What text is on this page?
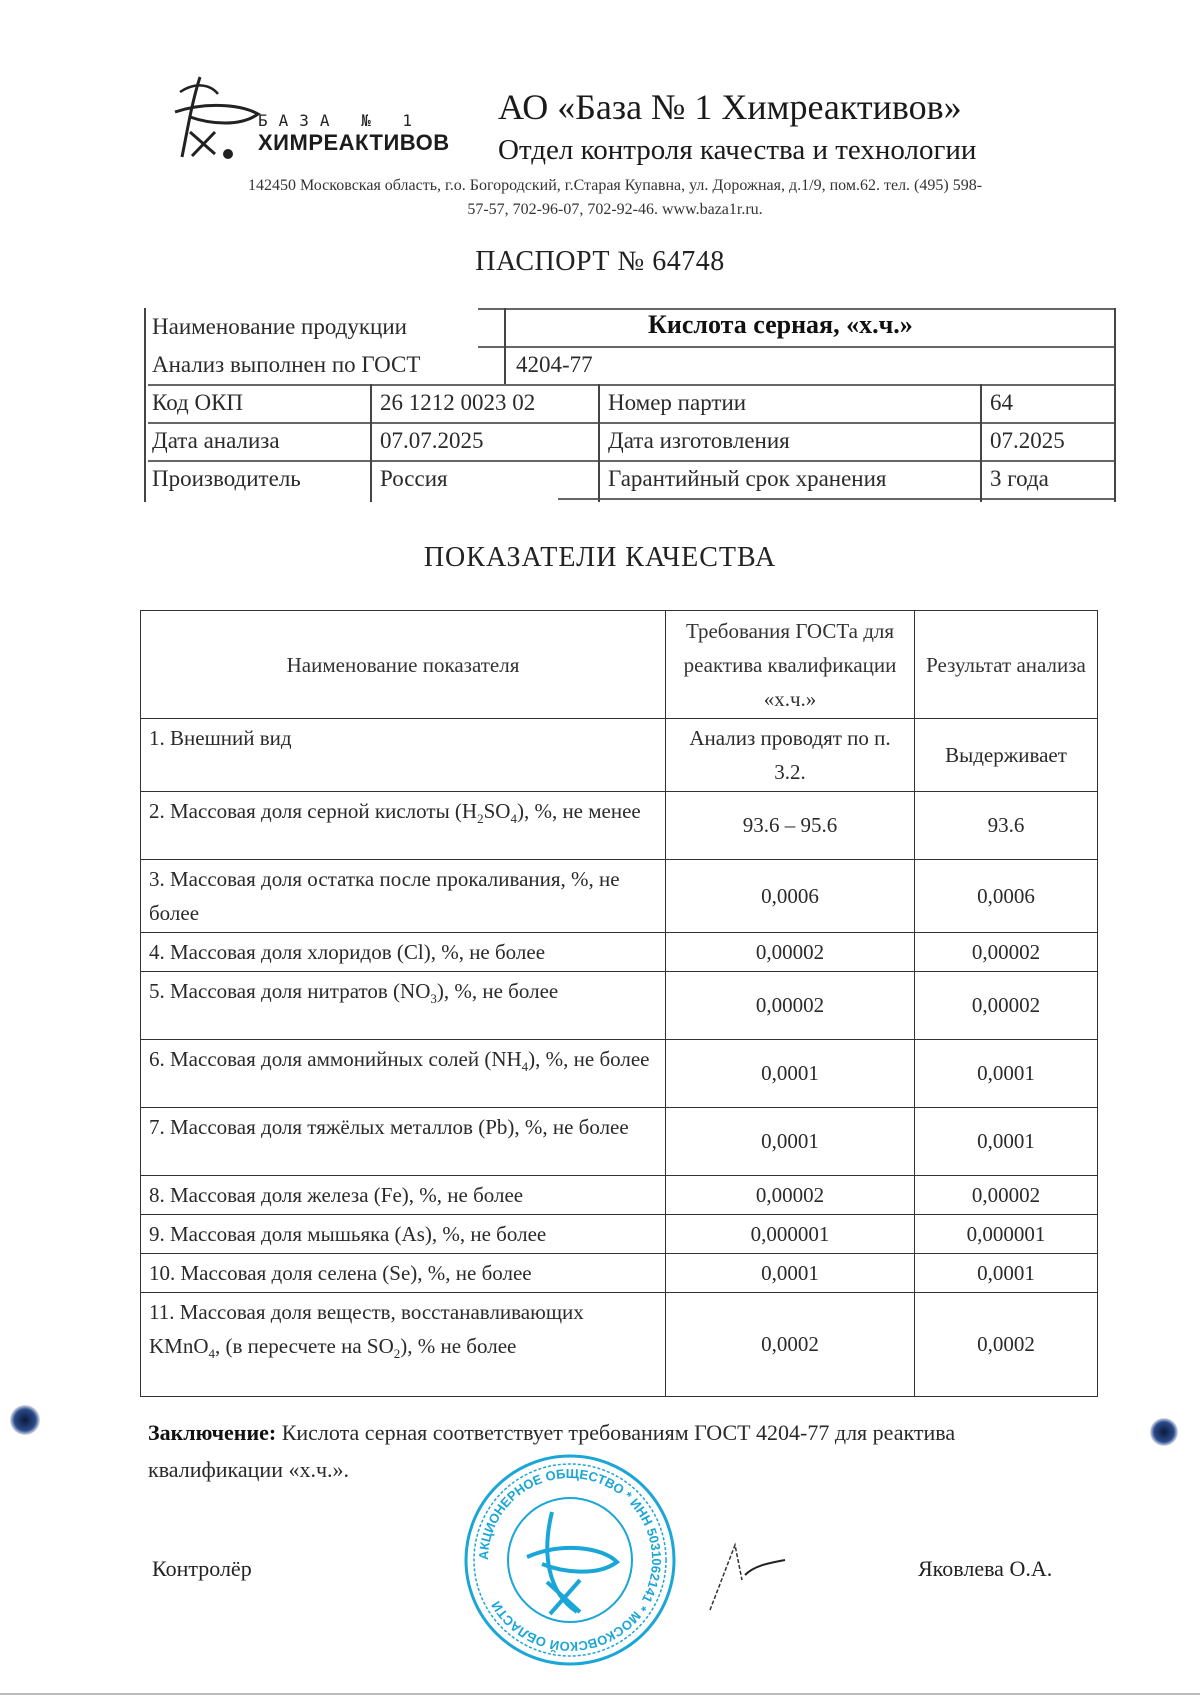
БАЗА № 1
ХИМРЕАКТИВОВ
АО «База № 1 Химреактивов»
Отдел контроля качества и технологии
142450 Московская область, г.о. Богородский, г.Старая Купавна, ул. Дорожная, д.1/9, пом.62. тел. (495) 598-
57-57, 702-96-07, 702-92-46. www.baza1r.ru.
ПАСПОРТ № 64748
Наименование продукции	Кислота серная, «х.ч.»
Анализ выполнен по ГОСТ	4204-77
Код ОКП	26 1212 0023 02	Номер партии	64
Дата анализа	07.07.2025	Дата изготовления	07.2025
Производитель	Россия	Гарантийный срок хранения	3 года
ПОКАЗАТЕЛИ КАЧЕСТВА
Наименование показателя	Требования ГОСТа для реактива квалификации «х.ч.»	Результат анализа
1. Внешний вид	Анализ проводят по п. 3.2.	Выдерживает
2. Массовая доля серной кислоты $(H_2SO_4)$, %, не менее	93.6 – 95.6	93.6
3. Массовая доля остатка после прокаливания, %, не более	0,0006	0,0006
4. Массовая доля хлоридов (Cl), %, не более	0,00002	0,00002
5. Массовая доля нитратов $(NO_3)$, %, не более	0,00002	0,00002
6. Массовая доля аммонийных солей $(NH_4)$, %, не более	0,0001	0,0001
7. Массовая доля тяжёлых металлов (Pb), %, не более	0,0001	0,0001
8. Массовая доля железа (Fe), %, не более	0,00002	0,00002
9. Массовая доля мышьяка (As), %, не более	0,000001	0,000001
10. Массовая доля селена (Se), %, не более	0,0001	0,0001
11. Массовая доля веществ, восстанавливающих KMnO$_4$, (в пересчете на $SO_2$), % не более	0,0002	0,0002
Заключение: Кислота серная соответствует требованиям ГОСТ 4204-77 для реактива квалификации «х.ч.».
АКЦИОНЕРНОЕ ОБЩЕСТВО * ИНН 5031062141 * МОСКОВСКОЙ ОБЛАСТИ
Контролёр	Яковлева О.А.
